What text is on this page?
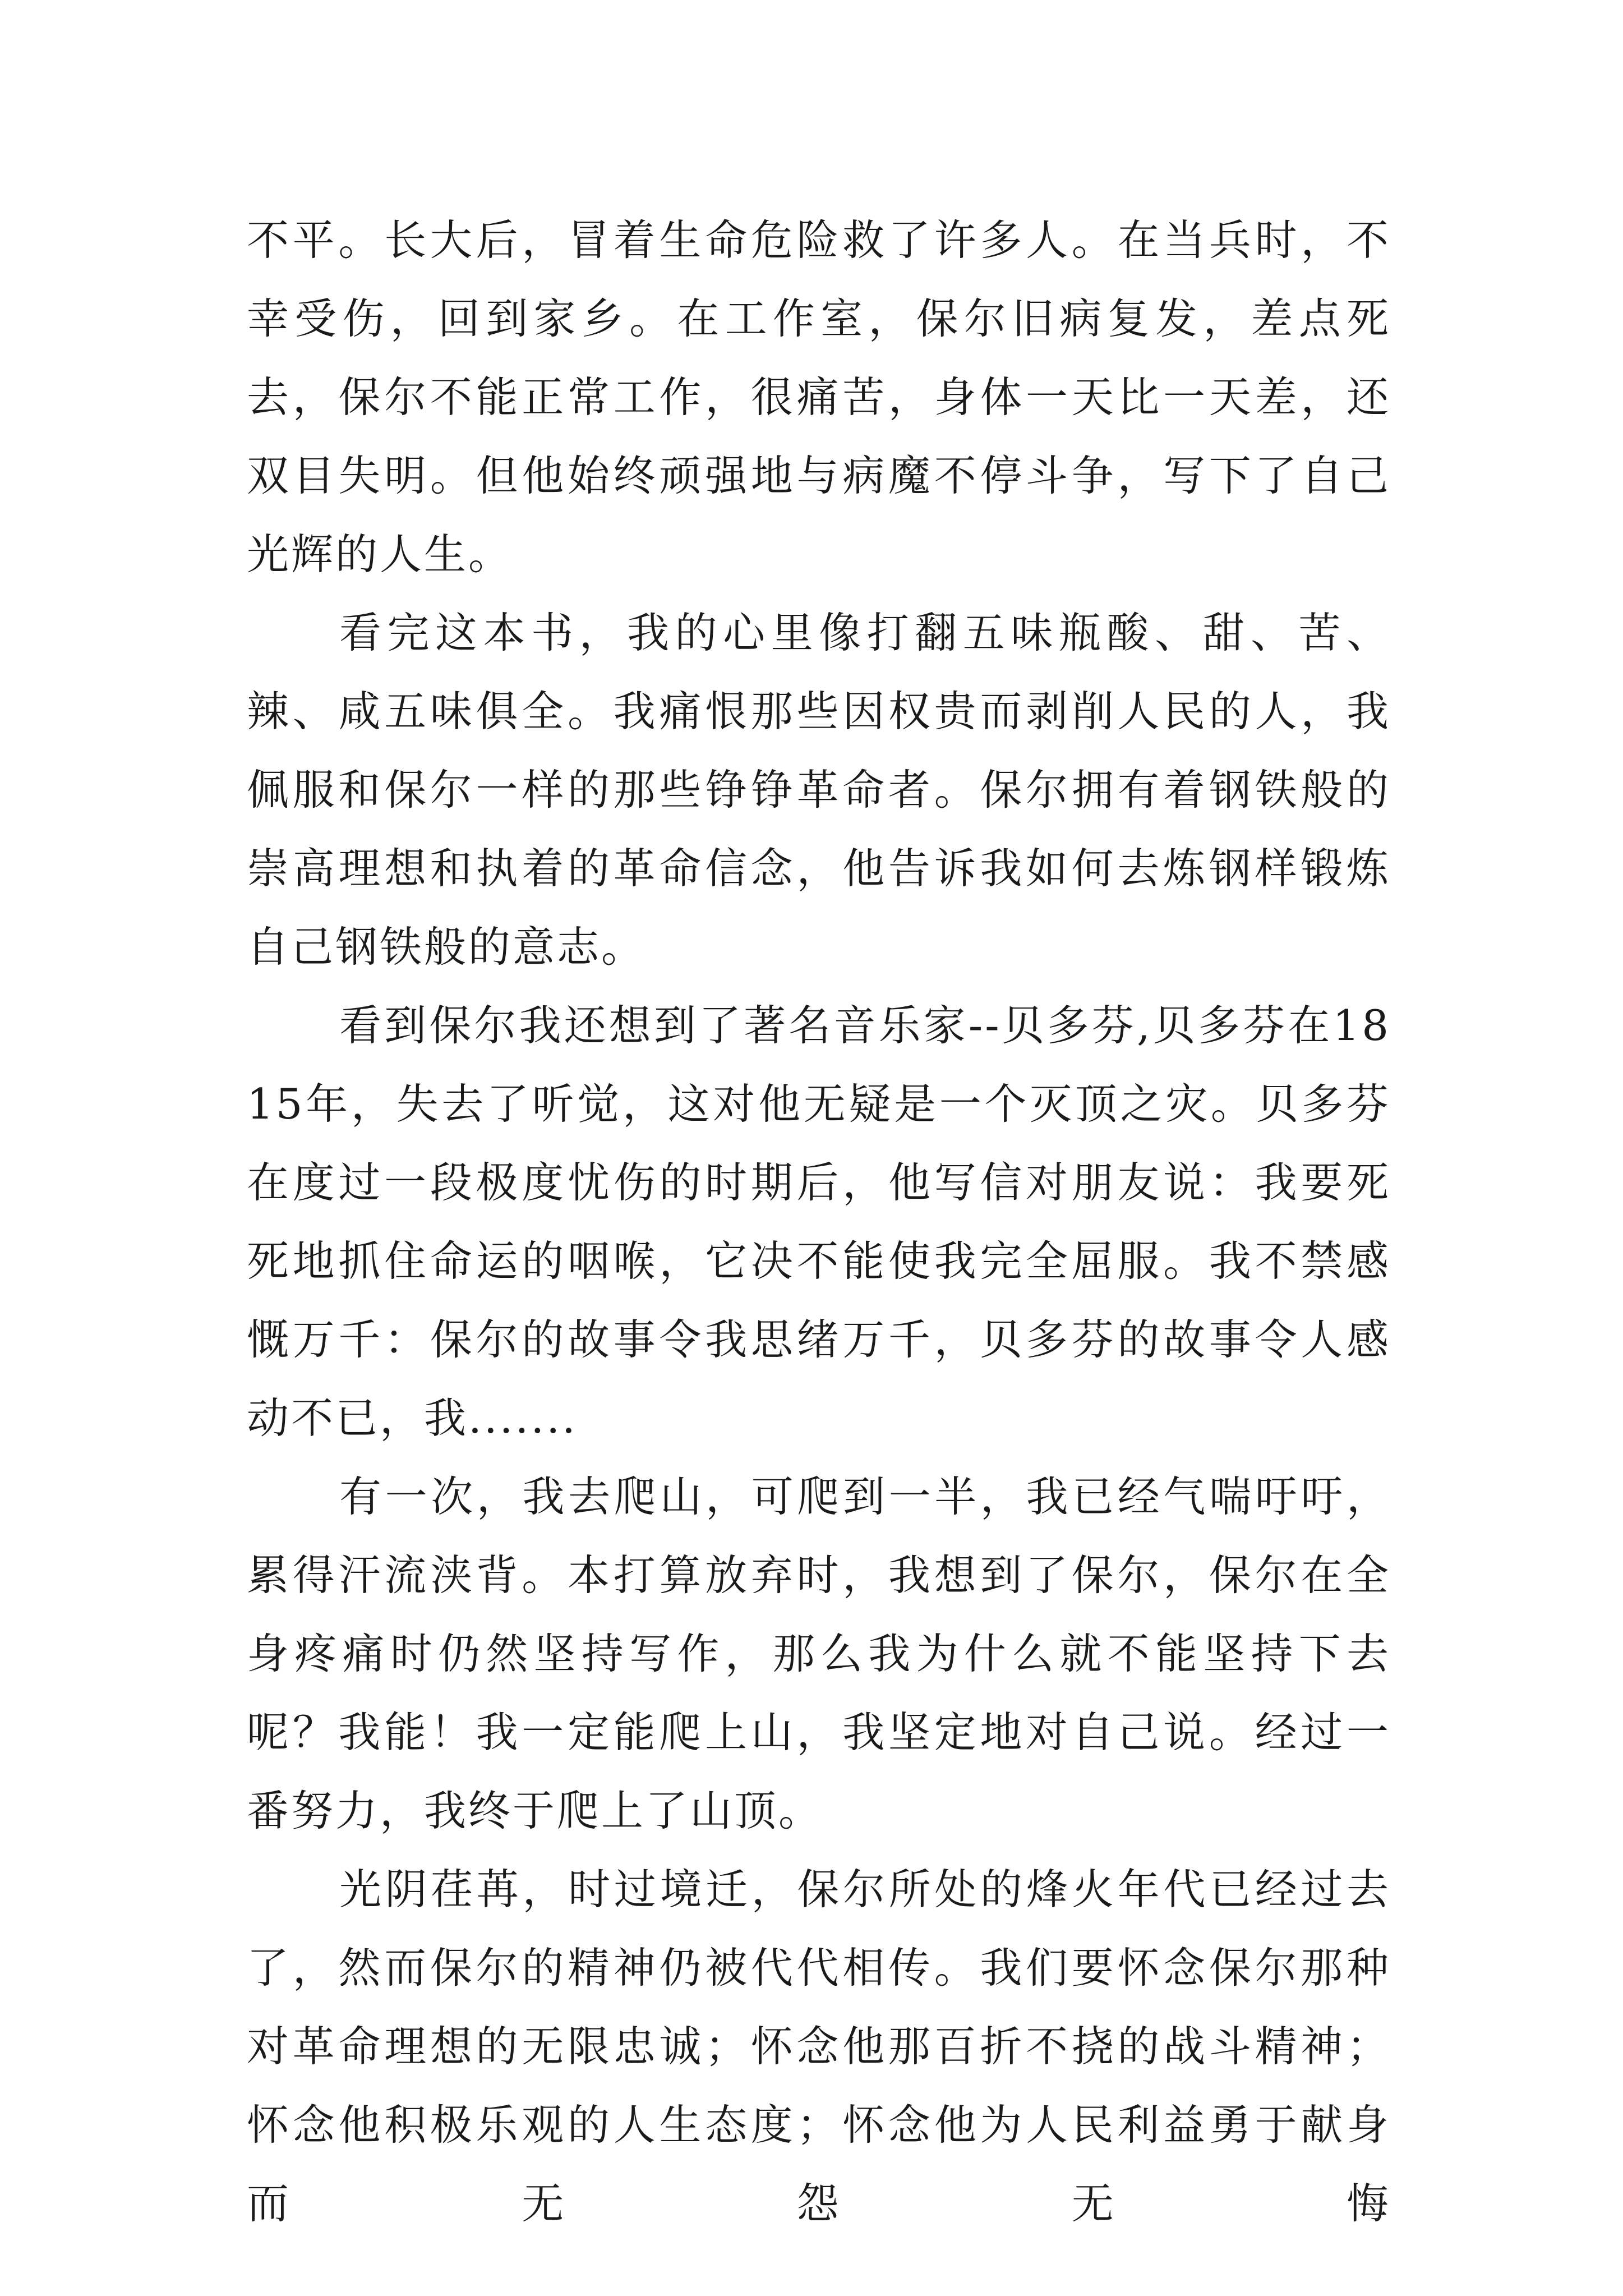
不平。长大后，冒着生命危险救了许多人。在当兵时，不幸受伤，回到家乡。在工作室，保尔旧病复发，差点死去，保尔不能正常工作，很痛苦，身体一天比一天差，还双目失明。但他始终顽强地与病魔不停斗争，写下了自己光辉的人生。

看完这本书，我的心里像打翻五味瓶酸、甜、苦、辣、咸五味俱全。我痛恨那些因权贵而剥削人民的人，我佩服和保尔一样的那些铮铮革命者。保尔拥有着钢铁般的崇高理想和执着的革命信念，他告诉我如何去炼钢样锻炼自己钢铁般的意志。

看到保尔我还想到了著名音乐家--贝多芬,贝多芬在1815年，失去了听觉，这对他无疑是一个灭顶之灾。贝多芬在度过一段极度忧伤的时期后，他写信对朋友说：我要死死地抓住命运的咽喉，它决不能使我完全屈服。我不禁感慨万千：保尔的故事令我思绪万千，贝多芬的故事令人感动不已，我.......

有一次，我去爬山，可爬到一半，我已经气喘吁吁，累得汗流浃背。本打算放弃时，我想到了保尔，保尔在全身疼痛时仍然坚持写作，那么我为什么就不能坚持下去呢？我能！我一定能爬上山，我坚定地对自己说。经过一番努力，我终于爬上了山顶。

光阴荏苒，时过境迁，保尔所处的烽火年代已经过去了，然而保尔的精神仍被代代相传。我们要怀念保尔那种对革命理想的无限忠诚；怀念他那百折不挠的战斗精神；怀念他积极乐观的人生态度；怀念他为人民利益勇于献身而无怨无悔
